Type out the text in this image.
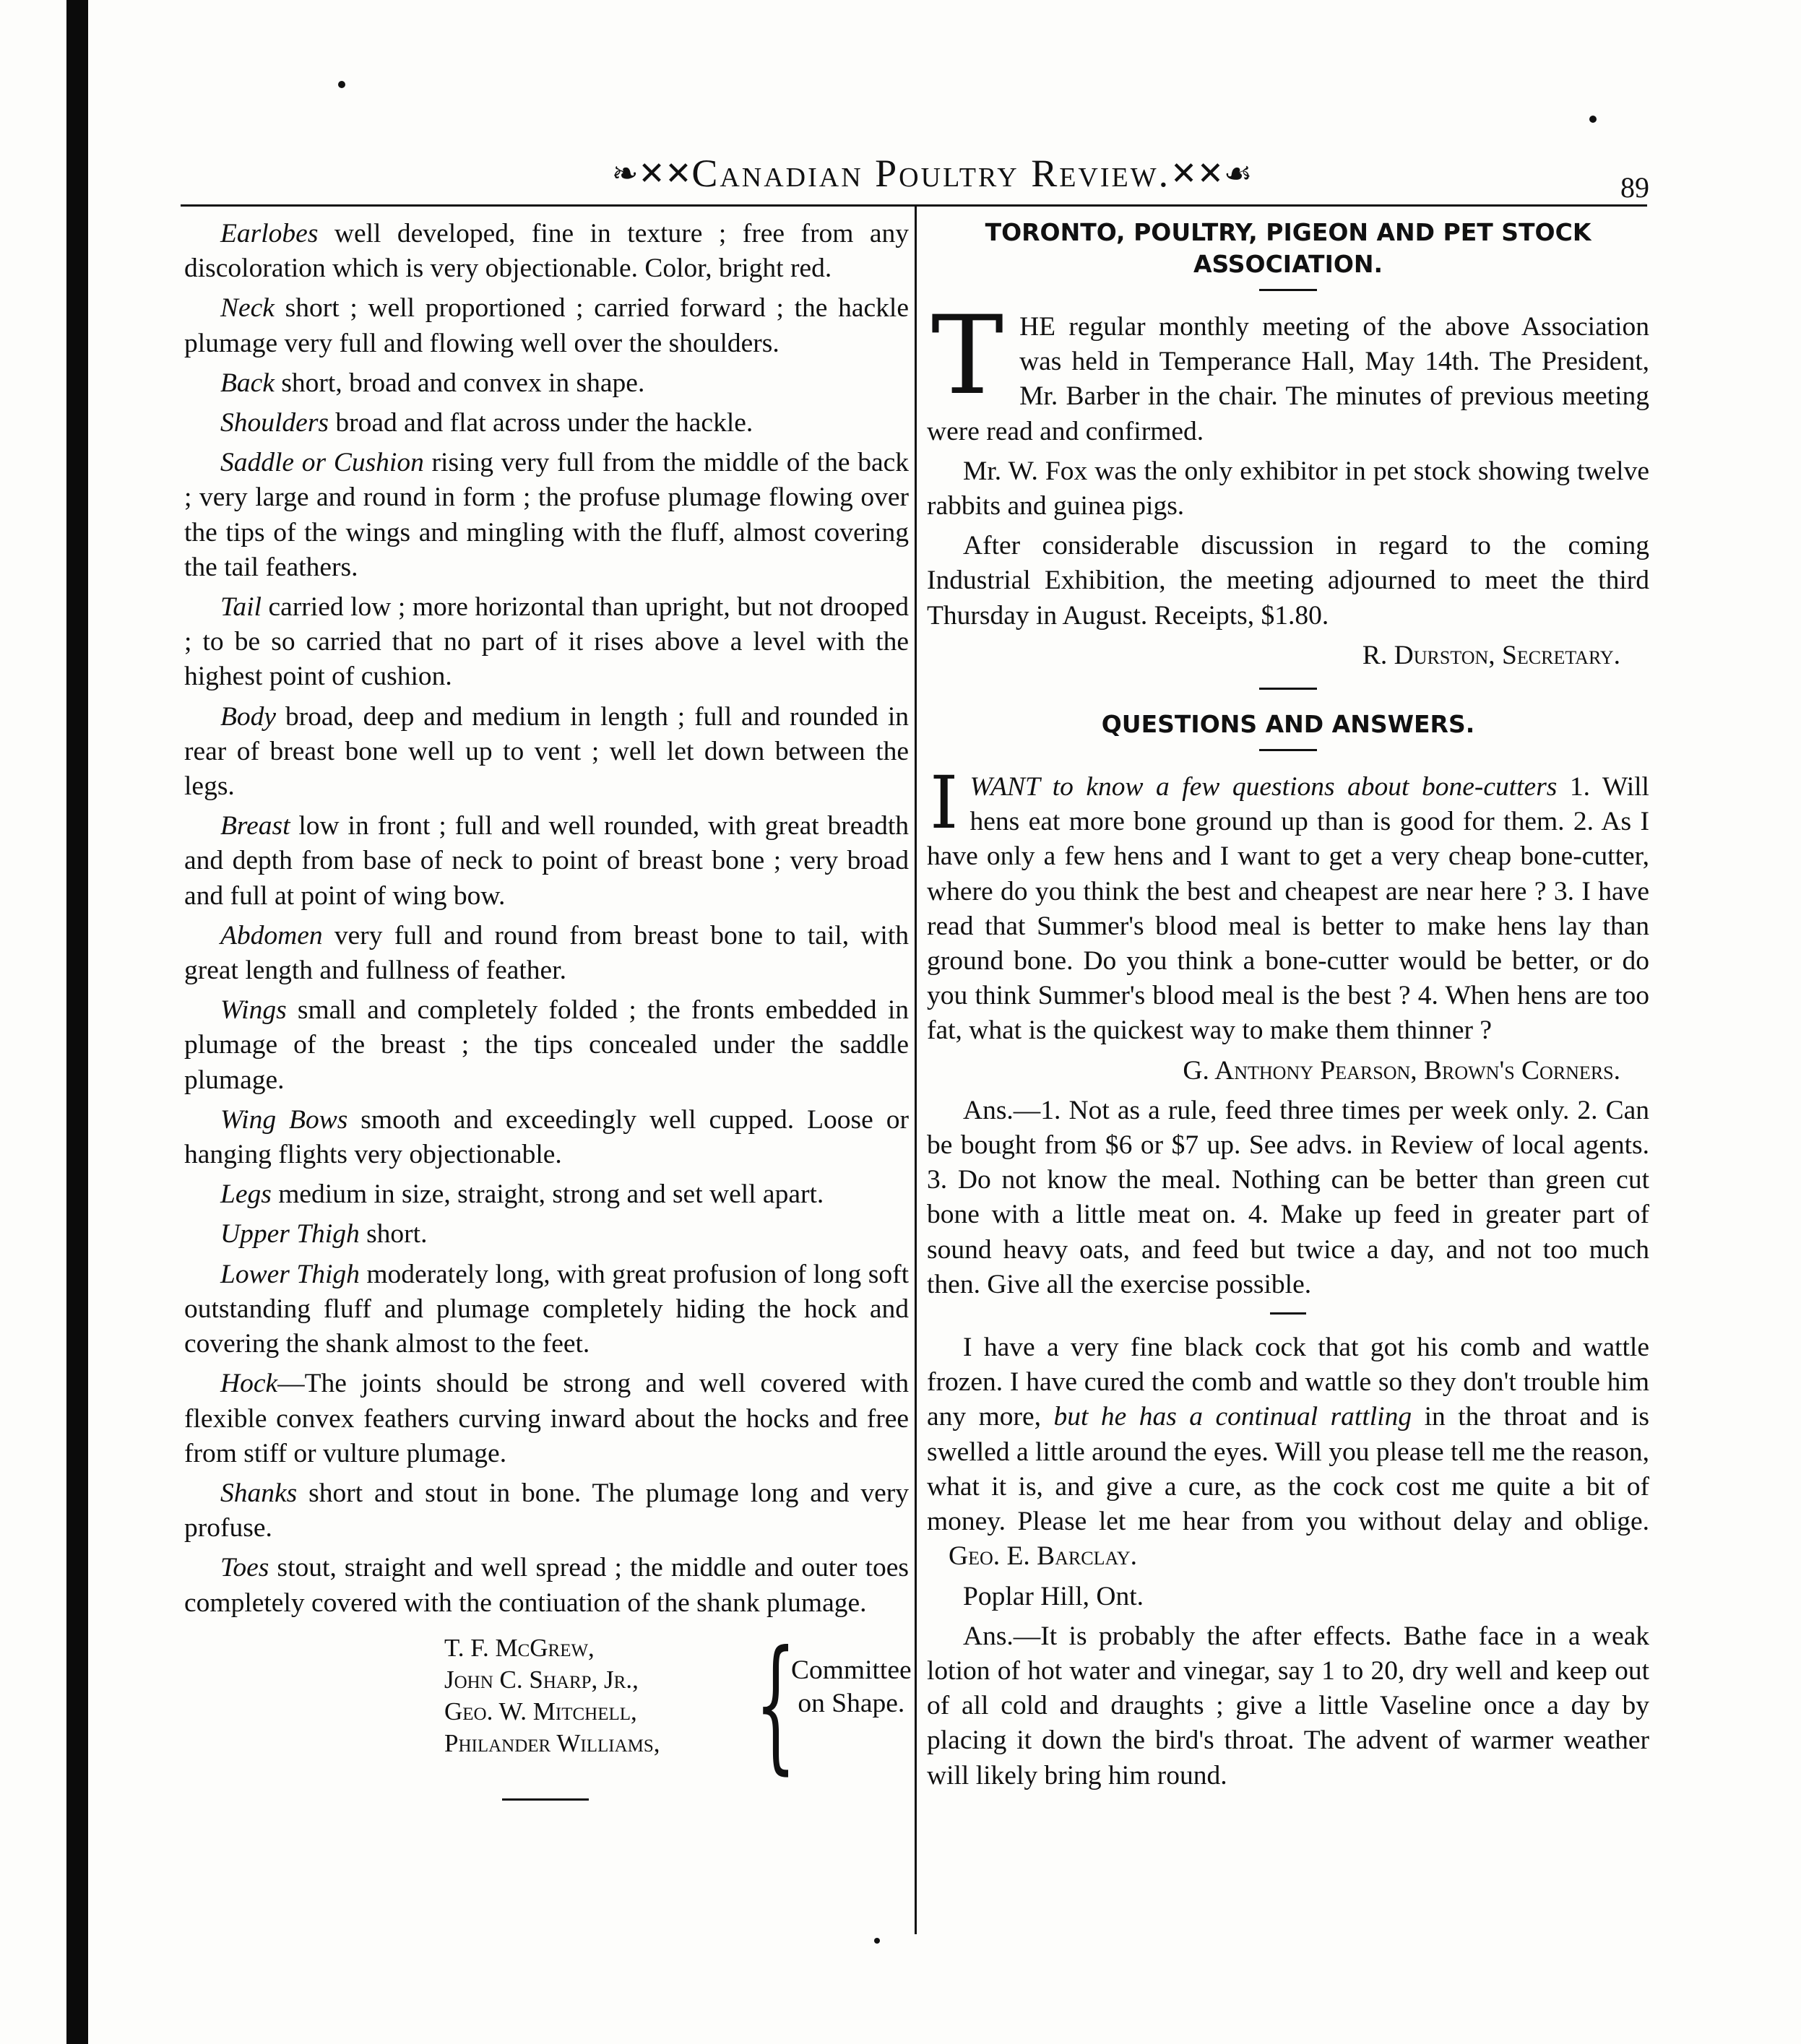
❧✕✕ Canadian Poultry Review. ✕✕☙	89

Earlobes well developed, fine in texture ; free from any discoloration which is very objectionable. Color, bright red.

Neck short ; well proportioned ; carried forward ; the hackle plumage very full and flowing well over the shoulders.

Back short, broad and convex in shape.

Shoulders broad and flat across under the hackle.

Saddle or Cushion rising very full from the middle of the back ; very large and round in form ; the profuse plumage flowing over the tips of the wings and mingling with the fluff, almost covering the tail feathers.

Tail carried low ; more horizontal than upright, but not drooped ; to be so carried that no part of it rises above a level with the highest point of cushion.

Body broad, deep and medium in length ; full and rounded in rear of breast bone well up to vent ; well let down between the legs.

Breast low in front ; full and well rounded, with great breadth and depth from base of neck to point of breast bone ; very broad and full at point of wing bow.

Abdomen very full and round from breast bone to tail, with great length and fullness of feather.

Wings small and completely folded ; the fronts embedded in plumage of the breast ; the tips concealed under the saddle plumage.

Wing Bows smooth and exceedingly well cupped. Loose or hanging flights very objectionable.

Legs medium in size, straight, strong and set well apart.

Upper Thigh short.

Lower Thigh moderately long, with great profusion of long soft outstanding fluff and plumage completely hiding the hock and covering the shank almost to the feet.

Hock—The joints should be strong and well covered with flexible convex feathers curving inward about the hocks and free from stiff or vulture plumage.

Shanks short and stout in bone. The plumage long and very profuse.

Toes stout, straight and well spread ; the middle and outer toes completely covered with the contiuation of the shank plumage.

T. F. McGrew,
John C. Sharp, Jr.,
Geo. W. Mitchell,
Philander Williams, {
Committee
on Shape.
TORONTO, POULTRY, PIGEON AND PET STOCK
ASSOCIATION.

THE regular monthly meeting of the above Association was held in Temperance Hall, May 14th. The President, Mr. Barber in the chair. The minutes of previous meeting were read and confirmed.

Mr. W. Fox was the only exhibitor in pet stock showing twelve rabbits and guinea pigs.

After considerable discussion in regard to the coming Industrial Exhibition, the meeting adjourned to meet the third Thursday in August. Receipts, $1.80.

R. Durston, Secretary.

QUESTIONS AND ANSWERS.

I WANT to know a few questions about bone-cutters 1. Will hens eat more bone ground up than is good for them. 2. As I have only a few hens and I want to get a very cheap bone-cutter, where do you think the best and cheapest are near here ? 3. I have read that Summer's blood meal is better to make hens lay than ground bone. Do you think a bone-cutter would be better, or do you think Summer's blood meal is the best ? 4. When hens are too fat, what is the quickest way to make them thinner ?

G. Anthony Pearson, Brown's Corners.

Ans.—1. Not as a rule, feed three times per week only. 2. Can be bought from $6 or $7 up. See advs. in Review of local agents. 3. Do not know the meal. Nothing can be better than green cut bone with a little meat on. 4. Make up feed in greater part of sound heavy oats, and feed but twice a day, and not too much then. Give all the exercise possible.

I have a very fine black cock that got his comb and wattle frozen. I have cured the comb and wattle so they don't trouble him any more, but he has a continual rattling in the throat and is swelled a little around the eyes. Will you please tell me the reason, what it is, and give a cure, as the cock cost me quite a bit of money. Please let me hear from you without delay and oblige. Geo. E. Barclay.

Poplar Hill, Ont.

Ans.—It is probably the after effects. Bathe face in a weak lotion of hot water and vinegar, say 1 to 20, dry well and keep out of all cold and draughts ; give a little Vaseline once a day by placing it down the bird's throat. The advent of warmer weather will likely bring him round.
